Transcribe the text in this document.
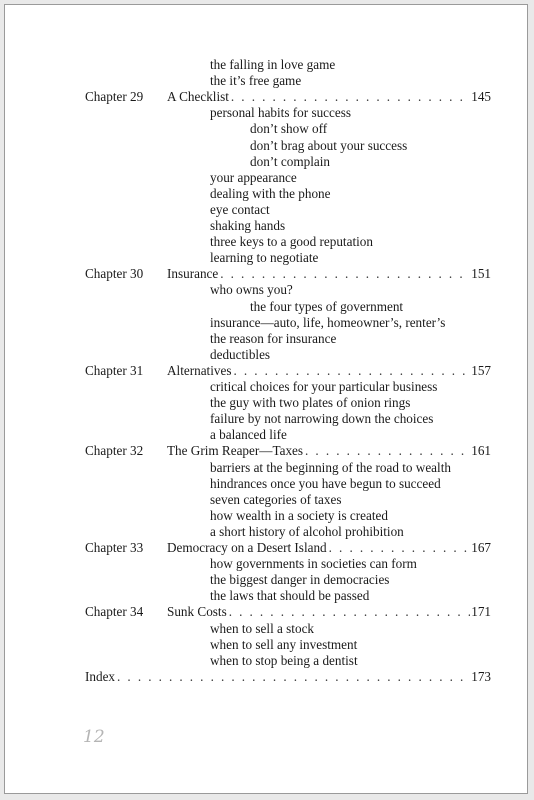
the falling in love game
the it’s free game
Chapter 29 A Checklist . . .	145
personal habits for success
don’t show off
don’t brag about your success
don’t complain
your appearance
dealing with the phone
eye contact
shaking hands
three keys to a good reputation
learning to negotiate
Chapter 30 Insurance . . .	151
who owns you?
the four types of government
insurance—auto, life, homeowner’s, renter’s
the reason for insurance
deductibles
Chapter 31 Alternatives . . .	157
critical choices for your particular business
the guy with two plates of onion rings
failure by not narrowing down the choices
a balanced life
Chapter 32 The Grim Reaper—Taxes . . .	161
barriers at the beginning of the road to wealth
hindrances once you have begun to succeed
seven categories of taxes
how wealth in a society is created
a short history of alcohol prohibition
Chapter 33 Democracy on a Desert Island . . .	167
how governments in societies can form
the biggest danger in democracies
the laws that should be passed
Chapter 34 Sunk Costs . . .	171
when to sell a stock
when to sell any investment
when to stop being a dentist
Index . . .	173
12
